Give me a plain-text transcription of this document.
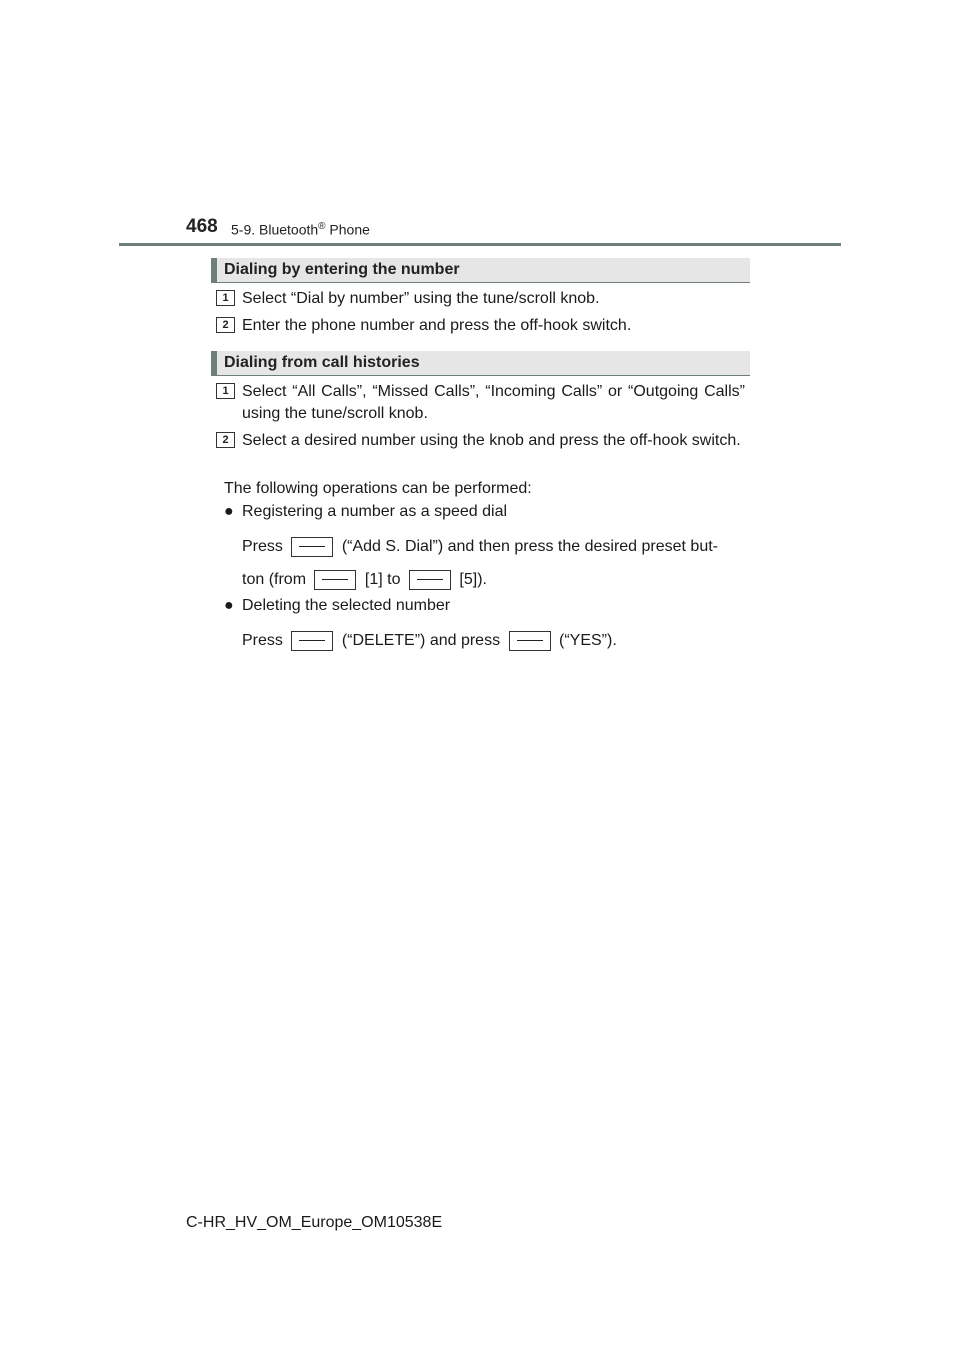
468 5-9. Bluetooth® Phone
Dialing by entering the number
1 Select “Dial by number” using the tune/scroll knob.
2 Enter the phone number and press the off-hook switch.
Dialing from call histories
1 Select “All Calls”, “Missed Calls”, “Incoming Calls” or “Outgoing Calls” using the tune/scroll knob.
2 Select a desired number using the knob and press the off-hook switch.
The following operations can be performed:
● Registering a number as a speed dial
Press	(“Add S. Dial”) and then press the desired preset but-
ton (from	[1] to	[5]).
● Deleting the selected number
Press	(“DELETE”) and press	(“YES”).
C-HR_HV_OM_Europe_OM10538E
